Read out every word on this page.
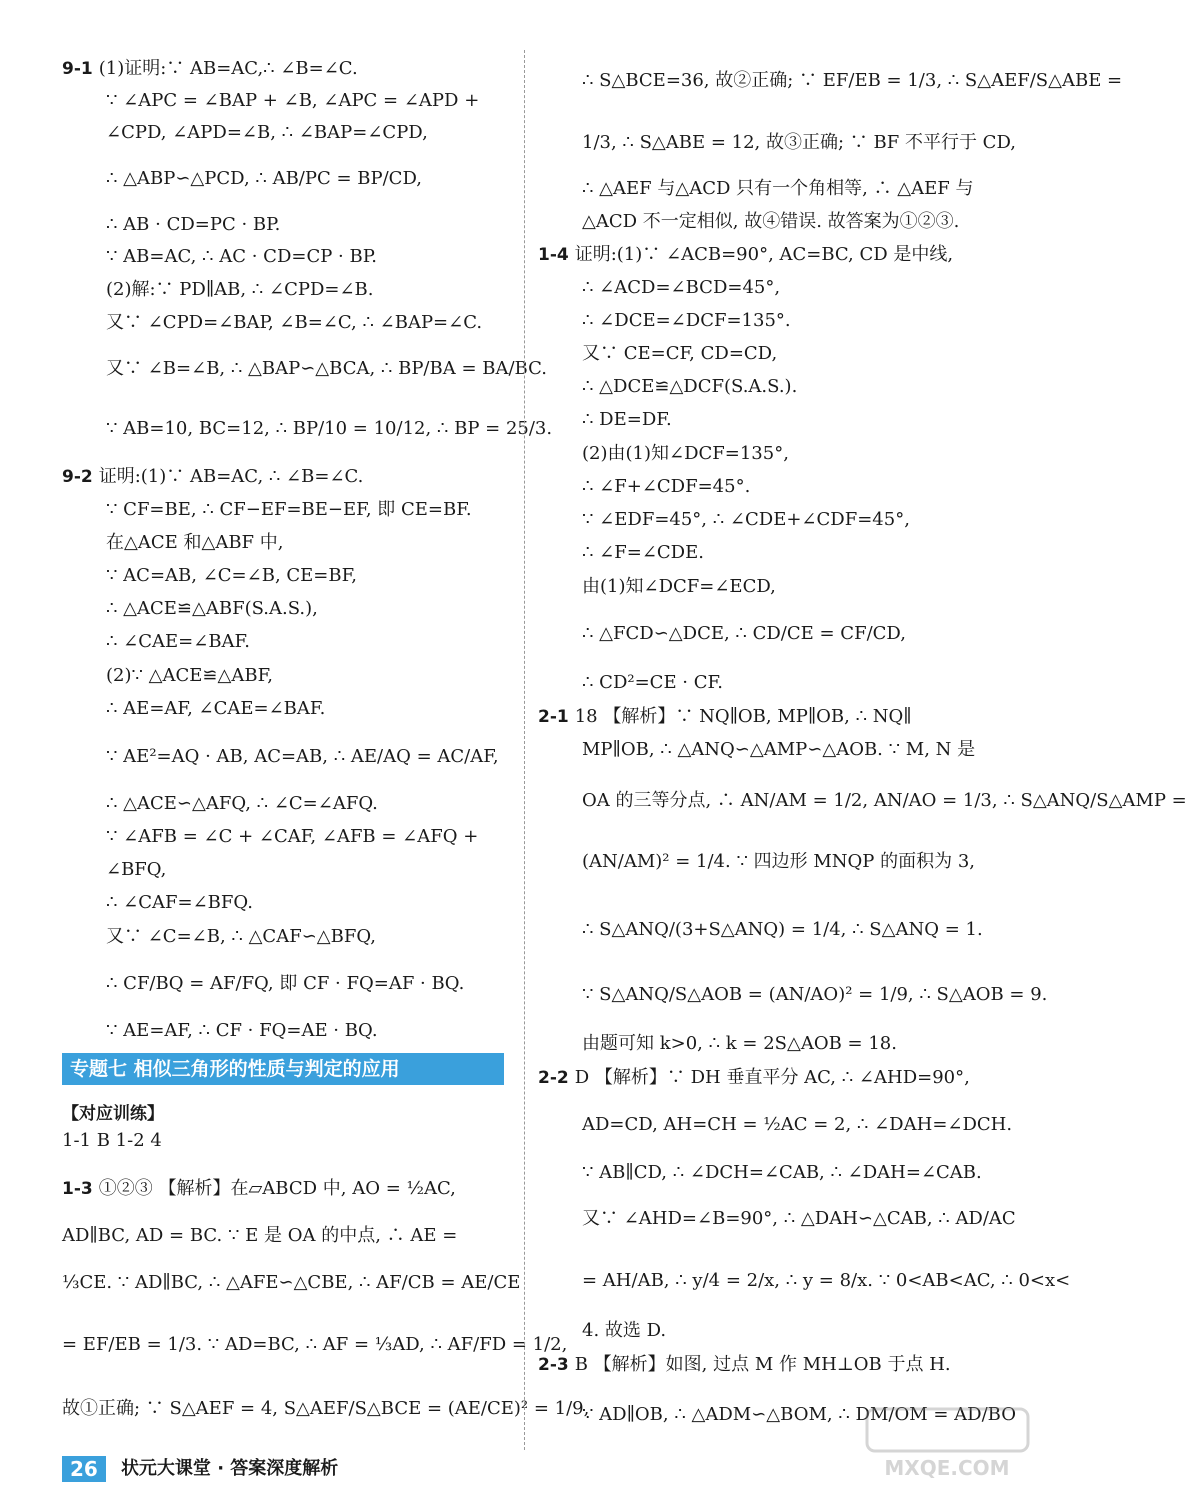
9-1 (1)证明:∵ AB=AC,∴ ∠B=∠C.
∵ ∠APC = ∠BAP + ∠B, ∠APC = ∠APD +
∠CPD, ∠APD=∠B, ∴ ∠BAP=∠CPD,
∴ △ABP∽△PCD, ∴ AB/PC = BP/CD,
∴ AB · CD=PC · BP.
∵ AB=AC, ∴ AC · CD=CP · BP.
(2)解:∵ PD∥AB, ∴ ∠CPD=∠B.
又∵ ∠CPD=∠BAP, ∠B=∠C, ∴ ∠BAP=∠C.
又∵ ∠B=∠B, ∴ △BAP∽△BCA, ∴ BP/BA = BA/BC.
∵ AB=10, BC=12, ∴ BP/10 = 10/12, ∴ BP = 25/3.
9-2 证明:(1)∵ AB=AC, ∴ ∠B=∠C.
∵ CF=BE, ∴ CF−EF=BE−EF, 即 CE=BF.
在△ACE 和△ABF 中,
∵ AC=AB, ∠C=∠B, CE=BF,
∴ △ACE≌△ABF(S.A.S.),
∴ ∠CAE=∠BAF.
(2)∵ △ACE≌△ABF,
∴ AE=AF, ∠CAE=∠BAF.
∵ AE²=AQ · AB, AC=AB, ∴ AE/AQ = AC/AF,
∴ △ACE∽△AFQ, ∴ ∠C=∠AFQ.
∵ ∠AFB = ∠C + ∠CAF, ∠AFB = ∠AFQ +
∠BFQ,
∴ ∠CAF=∠BFQ.
又∵ ∠C=∠B, ∴ △CAF∽△BFQ,
∴ CF/BQ = AF/FQ, 即 CF · FQ=AF · BQ.
∵ AE=AF, ∴ CF · FQ=AE · BQ.
1-1 B 1-2 4
1-3 ①②③ 【解析】在▱ABCD 中, AO = ½AC,
AD∥BC, AD = BC. ∵ E 是 OA 的中点, ∴ AE =
⅓CE. ∵ AD∥BC, ∴ △AFE∽△CBE, ∴ AF/CB = AE/CE
= EF/EB = 1/3. ∵ AD=BC, ∴ AF = ⅓AD, ∴ AF/FD = 1/2,
故①正确; ∵ S△AEF = 4, S△AEF/S△BCE = (AE/CE)² = 1/9,
专题七 相似三角形的性质与判定的应用
【对应训练】
∴ S△BCE=36, 故②正确; ∵ EF/EB = 1/3, ∴ S△AEF/S△ABE =
1/3, ∴ S△ABE = 12, 故③正确; ∵ BF 不平行于 CD,
∴ △AEF 与△ACD 只有一个角相等, ∴ △AEF 与
△ACD 不一定相似, 故④错误. 故答案为①②③.
1-4 证明:(1)∵ ∠ACB=90°, AC=BC, CD 是中线,
∴ ∠ACD=∠BCD=45°,
∴ ∠DCE=∠DCF=135°.
又∵ CE=CF, CD=CD,
∴ △DCE≌△DCF(S.A.S.).
∴ DE=DF.
(2)由(1)知∠DCF=135°,
∴ ∠F+∠CDF=45°.
∵ ∠EDF=45°, ∴ ∠CDE+∠CDF=45°,
∴ ∠F=∠CDE.
由(1)知∠DCF=∠ECD,
∴ △FCD∽△DCE, ∴ CD/CE = CF/CD,
∴ CD²=CE · CF.
2-1 18 【解析】∵ NQ∥OB, MP∥OB, ∴ NQ∥
MP∥OB, ∴ △ANQ∽△AMP∽△AOB. ∵ M, N 是
OA 的三等分点, ∴ AN/AM = 1/2, AN/AO = 1/3, ∴ S△ANQ/S△AMP =
(AN/AM)² = 1/4. ∵ 四边形 MNQP 的面积为 3,
∴ S△ANQ/(3+S△ANQ) = 1/4, ∴ S△ANQ = 1.
∵ S△ANQ/S△AOB = (AN/AO)² = 1/9, ∴ S△AOB = 9.
由题可知 k>0, ∴ k = 2S△AOB = 18.
2-2 D 【解析】∵ DH 垂直平分 AC, ∴ ∠AHD=90°,
AD=CD, AH=CH = ½AC = 2, ∴ ∠DAH=∠DCH.
∵ AB∥CD, ∴ ∠DCH=∠CAB, ∴ ∠DAH=∠CAB.
又∵ ∠AHD=∠B=90°, ∴ △DAH∽△CAB, ∴ AD/AC
= AH/AB, ∴ y/4 = 2/x, ∴ y = 8/x. ∵ 0<AB<AC, ∴ 0<x<
4. 故选 D.
2-3 B 【解析】如图, 过点 M 作 MH⊥OB 于点 H.
∵ AD∥OB, ∴ △ADM∽△BOM, ∴ DM/OM = AD/BO
26 状元大课堂 · 答案深度解析	MXQE.COM
